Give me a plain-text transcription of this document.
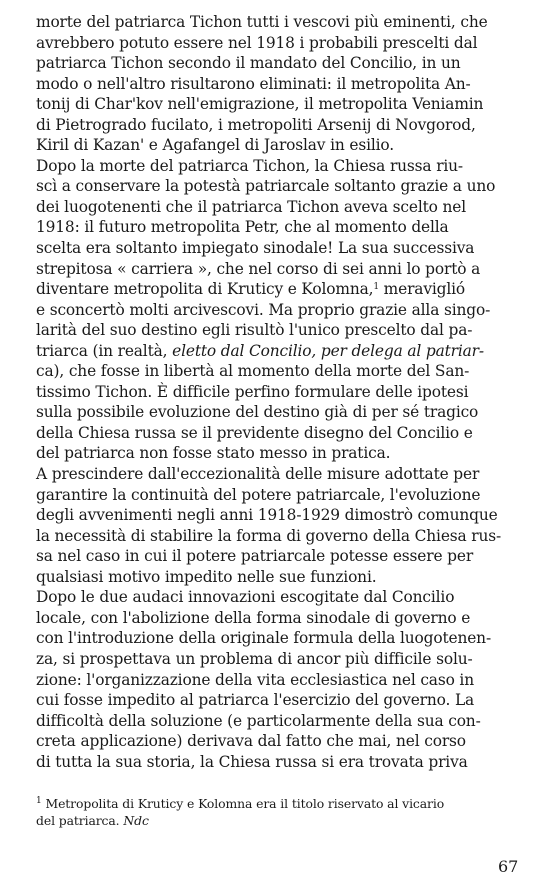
morte del patriarca Tichon tutti i vescovi più eminenti, che
avrebbero potuto essere nel 1918 i probabili prescelti dal
patriarca Tichon secondo il mandato del Concilio, in un
modo o nell'altro risultarono eliminati: il metropolita An-
tonij di Char'kov nell'emigrazione, il metropolita Veniamin
di Pietrogrado fucilato, i metropoliti Arsenij di Novgorod,
Kiril di Kazan' e Agafangel di Jaroslav in esilio.
Dopo la morte del patriarca Tichon, la Chiesa russa riu-
scì a conservare la potestà patriarcale soltanto grazie a uno
dei luogotenenti che il patriarca Tichon aveva scelto nel
1918: il futuro metropolita Petr, che al momento della
scelta era soltanto impiegato sinodale! La sua successiva
strepitosa « carriera », che nel corso di sei anni lo portò a
diventare metropolita di Kruticy e Kolomna,$^1$ meraviglió
e sconcertò molti arcivescovi. Ma proprio grazie alla singo-
larità del suo destino egli risultò l'unico prescelto dal pa-
triarca (in realtà, eletto dal Concilio, per delega al patriar-
ca), che fosse in libertà al momento della morte del San-
tissimo Tichon. È difficile perfino formulare delle ipotesi
sulla possibile evoluzione del destino già di per sé tragico
della Chiesa russa se il previdente disegno del Concilio e
del patriarca non fosse stato messo in pratica.
A prescindere dall'eccezionalità delle misure adottate per
garantire la continuità del potere patriarcale, l'evoluzione
degli avvenimenti negli anni 1918-1929 dimostrò comunque
la necessità di stabilire la forma di governo della Chiesa rus-
sa nel caso in cui il potere patriarcale potesse essere per
qualsiasi motivo impedito nelle sue funzioni.
Dopo le due audaci innovazioni escogitate dal Concilio
locale, con l'abolizione della forma sinodale di governo e
con l'introduzione della originale formula della luogotenen-
za, si prospettava un problema di ancor più difficile solu-
zione: l'organizzazione della vita ecclesiastica nel caso in
cui fosse impedito al patriarca l'esercizio del governo. La
difficoltà della soluzione (e particolarmente della sua con-
creta applicazione) derivava dal fatto che mai, nel corso
di tutta la sua storia, la Chiesa russa si era trovata priva
$^1$ Metropolita di Kruticy e Kolomna era il titolo riservato al vicario
del patriarca. Ndc
67
